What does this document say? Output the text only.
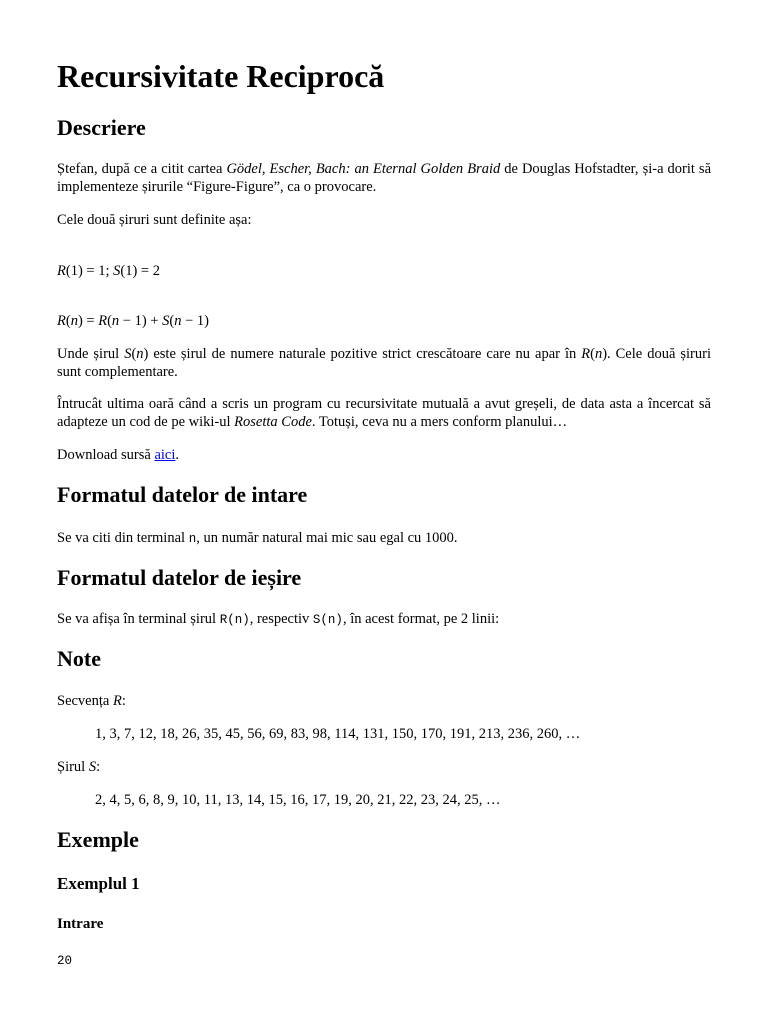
Recursivitate Reciprocă
Descriere

Ștefan, după ce a citit cartea Gödel, Escher, Bach: an Eternal Golden Braid de Douglas Hofstadter, și-a dorit să implementeze șirurile “Figure-Figure”, ca o provocare.

Cele două șiruri sunt definite așa:

R(1) = 1; S(1) = 2

R(n) = R(n − 1) + S(n − 1)

Unde șirul S(n) este șirul de numere naturale pozitive strict crescătoare care nu apar în R(n). Cele două șiruri sunt complementare.

Întrucât ultima oară când a scris un program cu recursivitate mutuală a avut greșeli, de data asta a încercat să adapteze un cod de pe wiki-ul Rosetta Code. Totuși, ceva nu a mers conform planului…

Download sursă aici.

Formatul datelor de intare

Se va citi din terminal n, un număr natural mai mic sau egal cu 1000.

Formatul datelor de ieșire

Se va afișa în terminal șirul R(n), respectiv S(n), în acest format, pe 2 linii:

Note

Secvența R:

1, 3, 7, 12, 18, 26, 35, 45, 56, 69, 83, 98, 114, 131, 150, 170, 191, 213, 236, 260, …

Șirul S:

2, 4, 5, 6, 8, 9, 10, 11, 13, 14, 15, 16, 17, 19, 20, 21, 22, 23, 24, 25, …

Exemple
Exemplul 1
Intrare

20
